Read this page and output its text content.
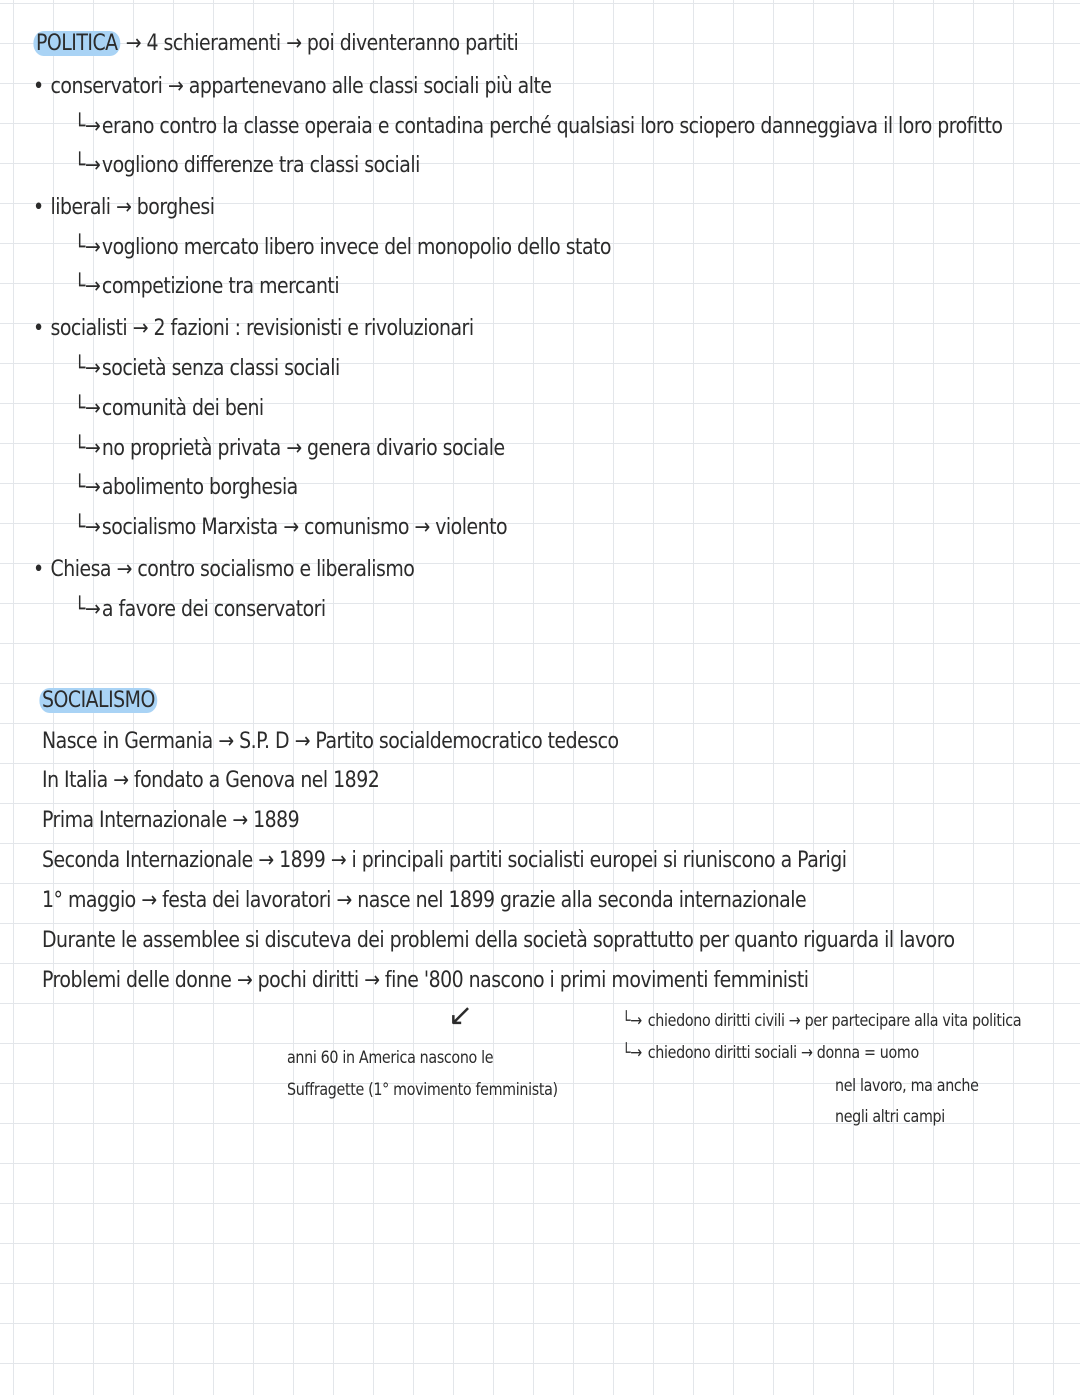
POLITICA → 4 schieramenti → poi diventeranno partiti
• conservatori → appartenevano alle classi sociali più alte
└→erano contro la classe operaia e contadina perché qualsiasi loro sciopero danneggiava il loro profitto
└→vogliono differenze tra classi sociali
• liberali → borghesi
└→vogliono mercato libero invece del monopolio dello stato
└→competizione tra mercanti
• socialisti → 2 fazioni : revisionisti e rivoluzionari
└→società senza classi sociali
└→comunità dei beni
└→no proprietà privata → genera divario sociale
└→abolimento borghesia
└→socialismo Marxista → comunismo → violento
• Chiesa → contro socialismo e liberalismo
└→a favore dei conservatori
SOCIALISMO
Nasce in Germania → S.P. D → Partito socialdemocratico tedesco
In Italia → fondato a Genova nel 1892
Prima Internazionale → 1889
Seconda Internazionale → 1899 → i principali partiti socialisti europei si riuniscono a Parigi
1° maggio → festa dei lavoratori → nasce nel 1899 grazie alla seconda internazionale
Durante le assemblee si discuteva dei problemi della società soprattutto per quanto riguarda il lavoro
Problemi delle donne → pochi diritti → fine '800 nascono i primi movimenti femministi
↙
anni 60 in America nascono le
Suffragette (1° movimento femminista)
└→ chiedono diritti civili → per partecipare alla vita politica
└→ chiedono diritti sociali → donna = uomo
nel lavoro, ma anche
negli altri campi
